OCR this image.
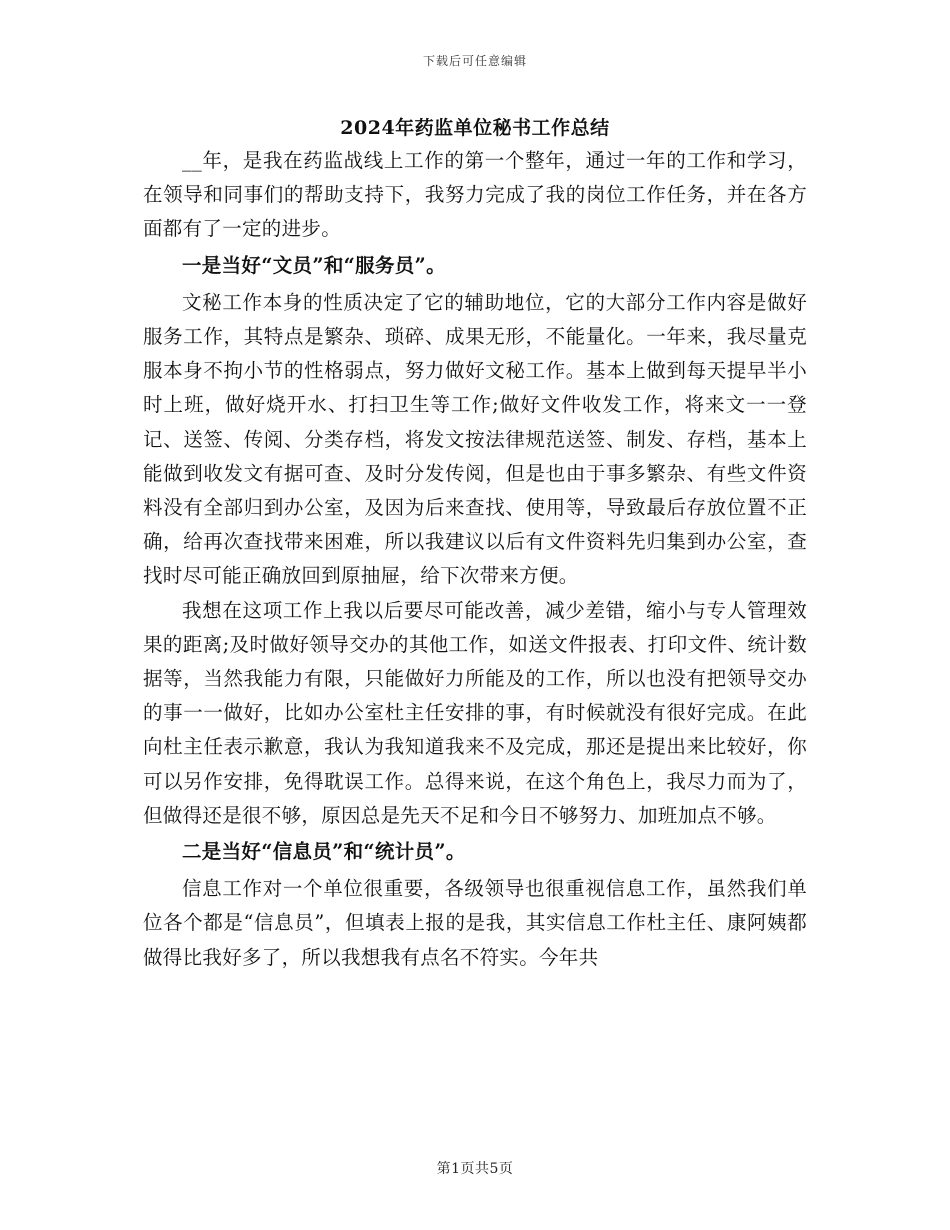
下载后可任意编辑
2024年药监单位秘书工作总结

__年，是我在药监战线上工作的第一个整年，通过一年的工作和学习，在领导和同事们的帮助支持下，我努力完成了我的岗位工作任务，并在各方面都有了一定的进步。

一是当好“文员”和“服务员”。

文秘工作本身的性质决定了它的辅助地位，它的大部分工作内容是做好服务工作，其特点是繁杂、琐碎、成果无形，不能量化。一年来，我尽量克服本身不拘小节的性格弱点，努力做好文秘工作。基本上做到每天提早半小时上班，做好烧开水、打扫卫生等工作;做好文件收发工作，将来文一一登记、送签、传阅、分类存档，将发文按法律规范送签、制发、存档，基本上能做到收发文有据可查、及时分发传阅，但是也由于事多繁杂、有些文件资料没有全部归到办公室，及因为后来查找、使用等，导致最后存放位置不正确，给再次查找带来困难，所以我建议以后有文件资料先归集到办公室，查找时尽可能正确放回到原抽屉，给下次带来方便。

我想在这项工作上我以后要尽可能改善，减少差错，缩小与专人管理效果的距离;及时做好领导交办的其他工作，如送文件报表、打印文件、统计数据等，当然我能力有限，只能做好力所能及的工作，所以也没有把领导交办的事一一做好，比如办公室杜主任安排的事，有时候就没有很好完成。在此向杜主任表示歉意，我认为我知道我来不及完成，那还是提出来比较好，你可以另作安排，免得耽误工作。总得来说，在这个角色上，我尽力而为了，但做得还是很不够，原因总是先天不足和今日不够努力、加班加点不够。

二是当好“信息员”和“统计员”。

信息工作对一个单位很重要，各级领导也很重视信息工作，虽然我们单位各个都是“信息员”，但填表上报的是我，其实信息工作杜主任、康阿姨都做得比我好多了，所以我想我有点名不符实。今年共

第1页共5页
